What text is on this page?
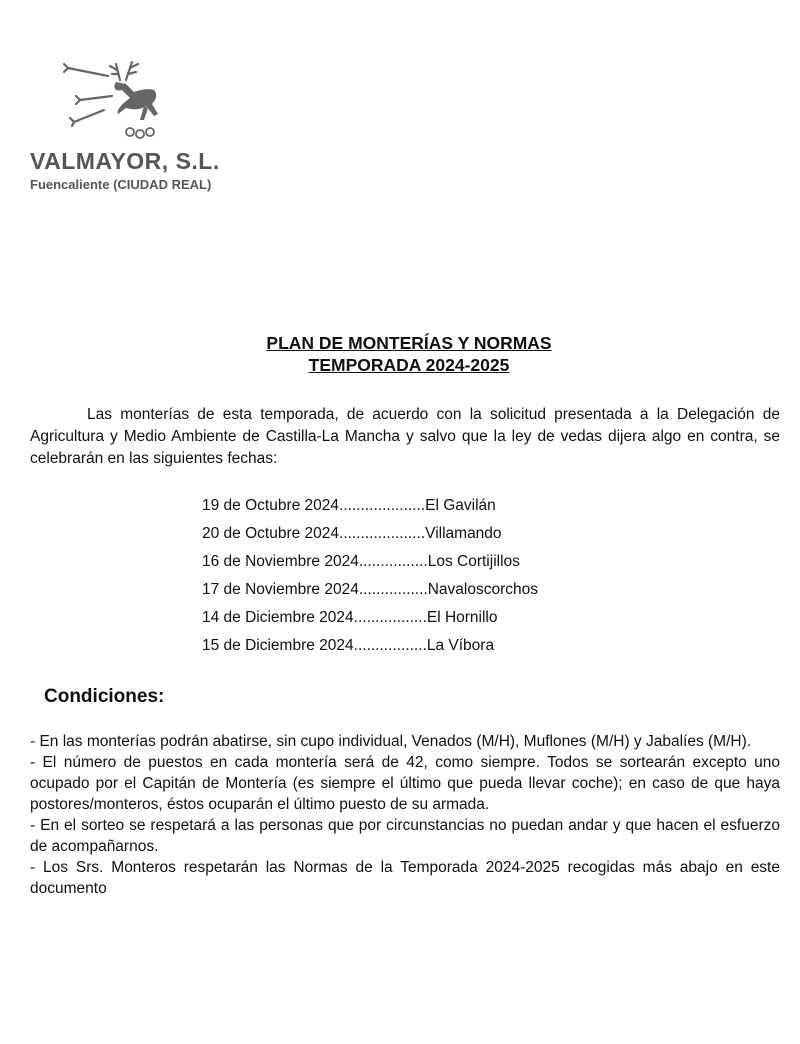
VALMAYOR, S.L.
Fuencaliente (CIUDAD REAL)
PLAN DE MONTERÍAS Y NORMAS
TEMPORADA 2024-2025

Las monterías de esta temporada, de acuerdo con la solicitud presentada a la Delegación de Agricultura y Medio Ambiente de Castilla-La Mancha y salvo que la ley de vedas dijera algo en contra, se celebrarán en las siguientes fechas:

19 de Octubre 2024....................El Gavilán
20 de Octubre 2024....................Villamando
16 de Noviembre 2024................Los Cortijillos
17 de Noviembre 2024................Navaloscorchos
14 de Diciembre 2024.................El Hornillo
15 de Diciembre 2024.................La Víbora
Condiciones:

- En las monterías podrán abatirse, sin cupo individual, Venados (M/H), Muflones (M/H) y Jabalíes (M/H).

- El número de puestos en cada montería será de 42, como siempre. Todos se sortearán excepto uno ocupado por el Capitán de Montería (es siempre el último que pueda llevar coche); en caso de que haya postores/monteros, éstos ocuparán el último puesto de su armada.

- En el sorteo se respetará a las personas que por circunstancias no puedan andar y que hacen el esfuerzo de acompañarnos.

- Los Srs. Monteros respetarán las Normas de la Temporada 2024-2025 recogidas más abajo en este documento
